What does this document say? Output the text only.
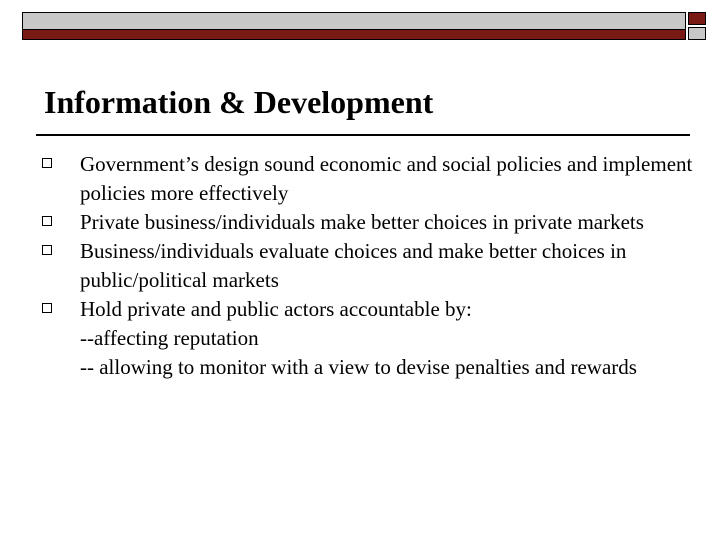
Information & Development
Government’s design sound economic and social policies and implement policies more effectively
Private business/individuals make better choices in private markets
Business/individuals evaluate choices and make better choices in public/political markets
Hold private and public actors accountable by:
--affecting reputation
-- allowing to monitor with a view to devise penalties and rewards
